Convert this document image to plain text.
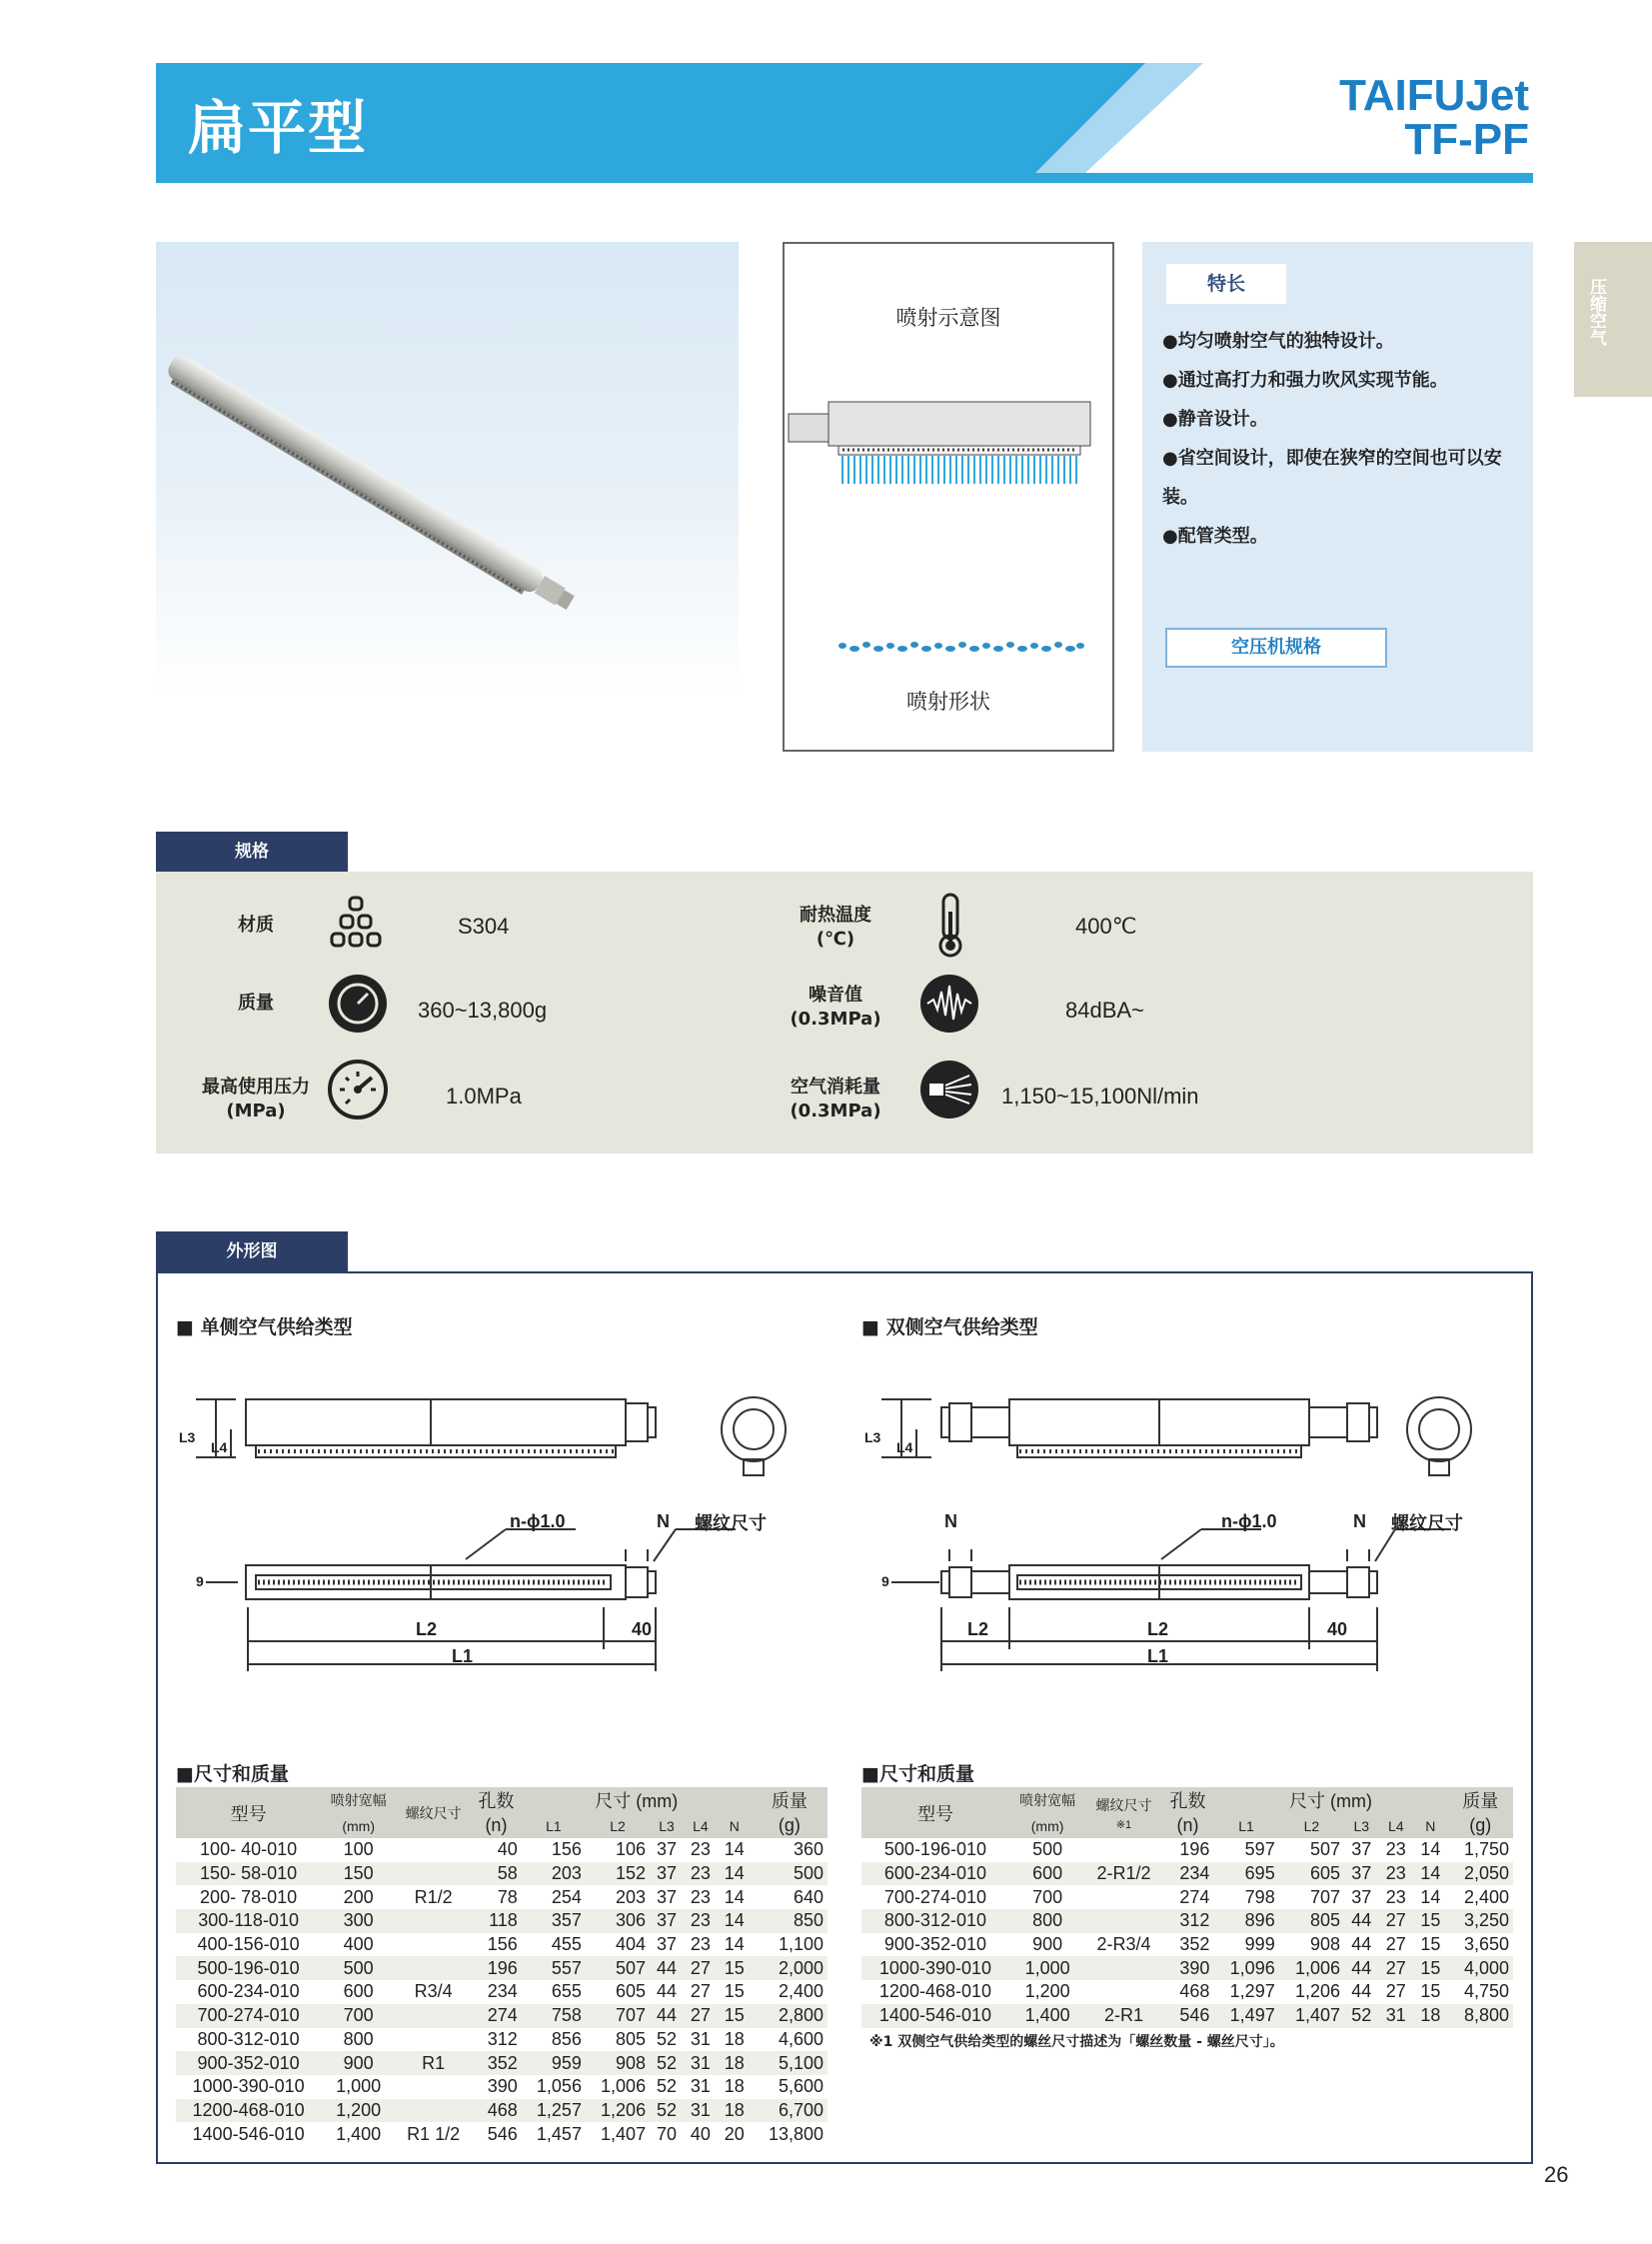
扁平型	TAIFUJet
TF-PF
压缩空气
喷射示意图
喷射形状
特长
●均匀喷射空气的独特设计。
●通过高打力和强力吹风实现节能。
●静音设计。
●省空间设计，即使在狭窄的空间也可以安装。
●配管类型。
空压机规格
规格
材质	S304	耐热温度
(℃)
400℃
质量	360~13,800g
噪音值
(0.3MPa)	84dBA~
最高使用压力
(MPa)
1.0MPa	空气消耗量
(0.3MPa)
1,150~15,100Nl/min
外形图
■ 单侧空气供给类型	■ 双侧空气供给类型
n-ϕ1.0	N 螺纹尺寸
L2	40
L1
L3
L4
9
n-ϕ1.0
N	N 螺纹尺寸
L2	L2	40
L1
L3
L4
9
■尺寸和质量
型号	喷射宽幅	螺纹尺寸	孔数	尺寸 (mm)					质量
	(mm)		(n)	L1	L2	L3	L4	N	(g)
100- 40-010	100		40	156	106	37	23	14	360
150- 58-010	150		58	203	152	37	23	14	500
200- 78-010	200	R1/2	78	254	203	37	23	14	640
300-118-010	300		118	357	306	37	23	14	850
400-156-010	400		156	455	404	37	23	14	1,100
500-196-010	500		196	557	507	44	27	15	2,000
600-234-010	600	R3/4	234	655	605	44	27	15	2,400
700-274-010	700		274	758	707	44	27	15	2,800
800-312-010	800		312	856	805	52	31	18	4,600
900-352-010	900	R1	352	959	908	52	31	18	5,100
1000-390-010	1,000		390	1,056	1,006	52	31	18	5,600
1200-468-010	1,200		468	1,257	1,206	52	31	18	6,700
1400-546-010	1,400	R1 1/2	546	1,457	1,407	70	40	20	13,800
■尺寸和质量
型号	喷射宽幅	螺纹尺寸
※1	孔数	尺寸 (mm)					质量
	(mm)		(n)	L1	L2	L3	L4	N	(g)
500-196-010	500		196	597	507	37	23	14	1,750
600-234-010	600	2-R1/2	234	695	605	37	23	14	2,050
700-274-010	700		274	798	707	37	23	14	2,400
800-312-010	800		312	896	805	44	27	15	3,250
900-352-010	900	2-R3/4	352	999	908	44	27	15	3,650
1000-390-010	1,000		390	1,096	1,006	44	27	15	4,000
1200-468-010	1,200		468	1,297	1,206	44	27	15	4,750
1400-546-010	1,400	2-R1	546	1,497	1,407	52	31	18	8,800
※1 双侧空气供给类型的螺丝尺寸描述为「螺丝数量 - 螺丝尺寸」。
26
